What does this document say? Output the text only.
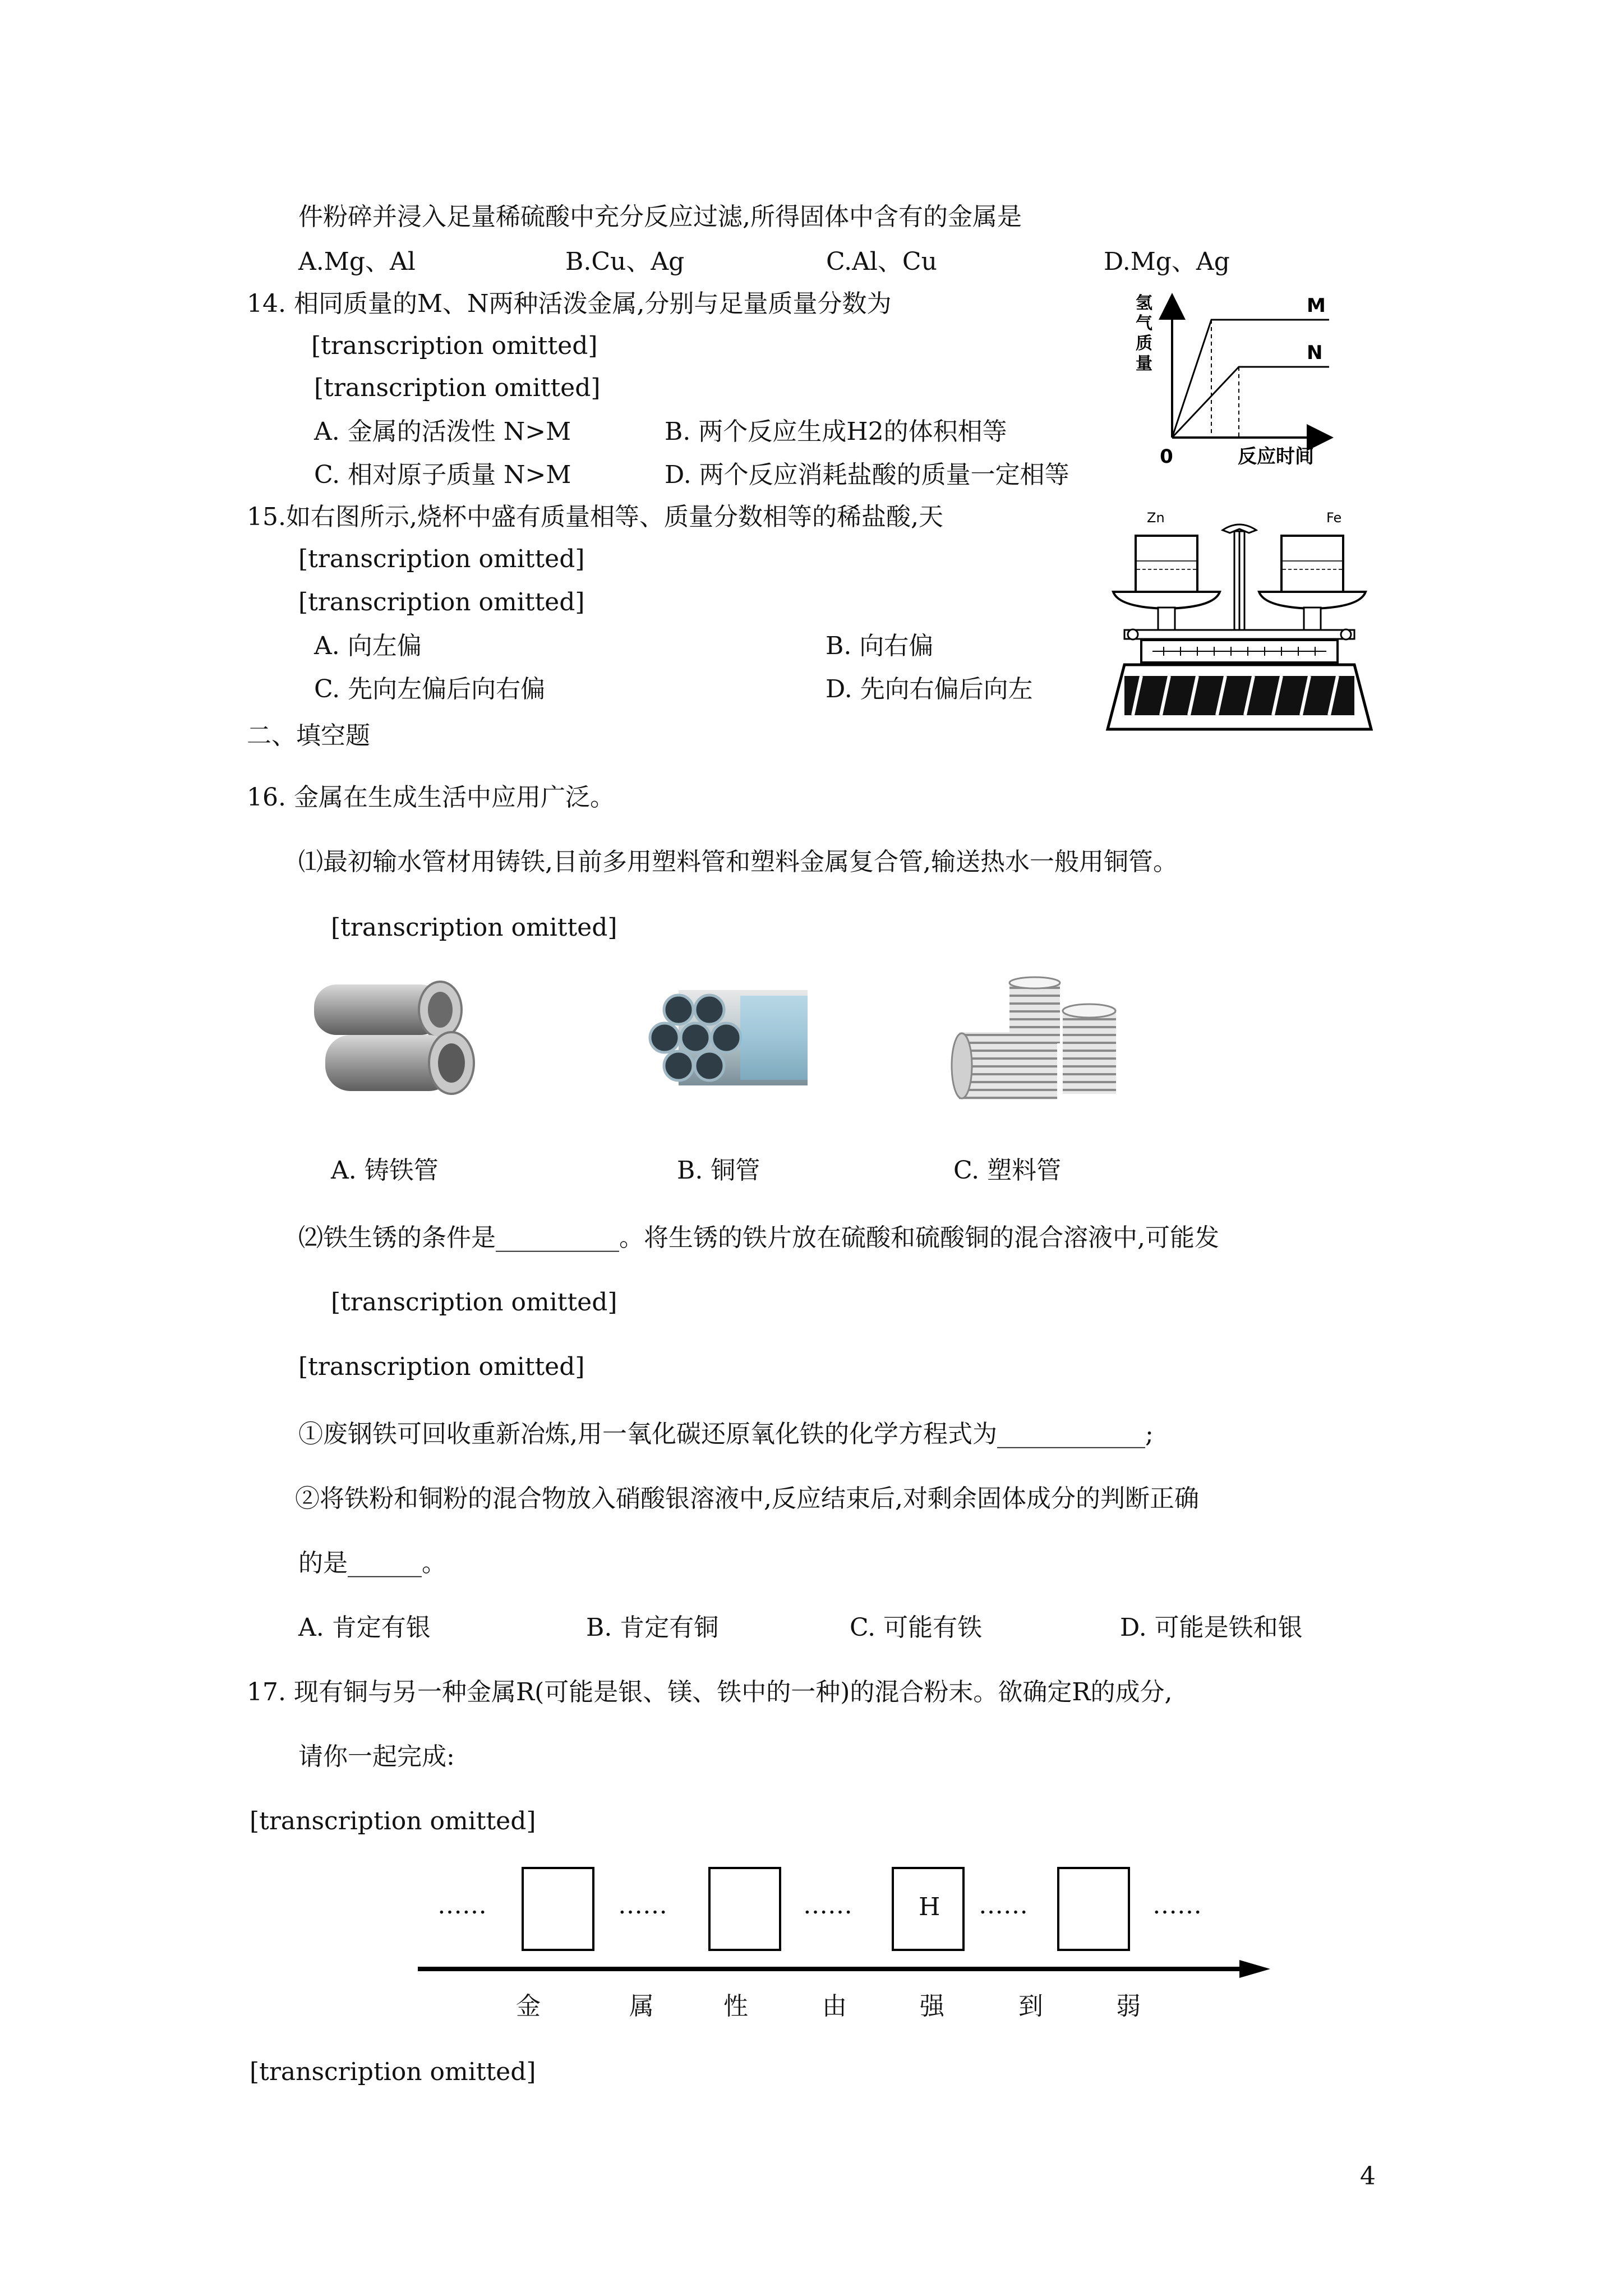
件粉碎并浸入足量稀硫酸中充分反应过滤,所得固体中含有的金属是
A.Mg、Al	B.Cu、Ag	C.Al、Cu	D.Mg、Ag
14. 相同质量的M、N两种活泼金属,分别与足量质量分数为
[transcription omitted]
[transcription omitted]
A. 金属的活泼性 N>M	B. 两个反应生成H2的体积相等
C. 相对原子质量 N>M	D. 两个反应消耗盐酸的质量一定相等
M
N
氢
气
质
量
0	反应时间
15.如右图所示,烧杯中盛有质量相等、质量分数相等的稀盐酸,天
[transcription omitted]
[transcription omitted]
A. 向左偏	B. 向右偏
C. 先向左偏后向右偏	D. 先向右偏后向左
Zn	Fe
二、填空题
16. 金属在生成生活中应用广泛。
⑴最初输水管材用铸铁,目前多用塑料管和塑料金属复合管,输送热水一般用铜管。
[transcription omitted]
A. 铸铁管	B. 铜管	C. 塑料管
⑵铁生锈的条件是__________。将生锈的铁片放在硫酸和硫酸铜的混合溶液中,可能发
[transcription omitted]
[transcription omitted]
①废钢铁可回收重新冶炼,用一氧化碳还原氧化铁的化学方程式为____________;
②将铁粉和铜粉的混合物放入硝酸银溶液中,反应结束后,对剩余固体成分的判断正确
的是______。
A. 肯定有银	B. 肯定有铜	C. 可能有铁	D. 可能是铁和银
17. 现有铜与另一种金属R(可能是银、镁、铁中的一种)的混合粉末。欲确定R的成分,
请你一起完成:
[transcription omitted]
……	……	……	H ……	……
金	属	性	由	强	到	弱
[transcription omitted]
4
